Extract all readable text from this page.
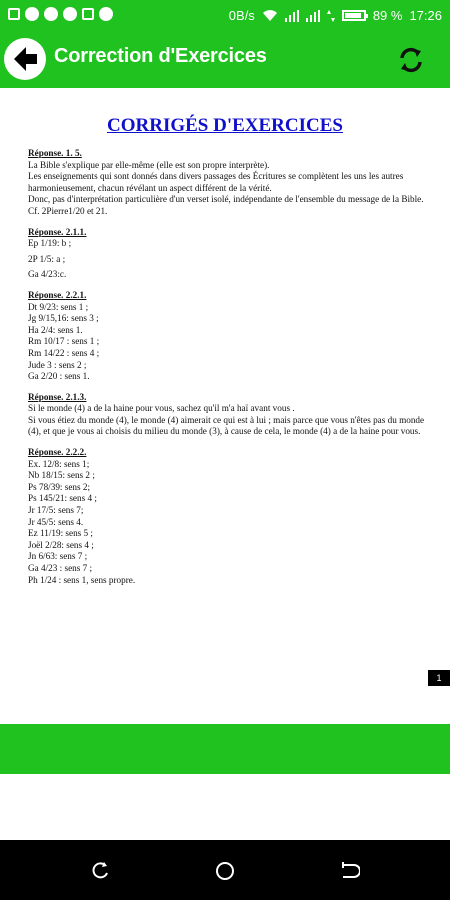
0B/s	89 % 17:26
Correction d'Exercices
CORRIGÉS D'EXERCICES

Réponse. 1. 5.

La Bible s'explique par elle-même (elle est son propre interprète).

Les enseignements qui sont donnés dans divers passages des Écritures se complètent les uns les autres harmonieusement, chacun révélant un aspect différent de la vérité.

Donc, pas d'interprétation particulière d'un verset isolé, indépendante de l'ensemble du message de la Bible. Cf. 2Pierre1/20 et 21.

Réponse. 2.1.1.

Ep 1/19: b ;

2P 1/5: a ;

Ga 4/23:c.

Réponse. 2.2.1.

Dt 9/23: sens 1 ;

Jg 9/15,16: sens 3 ;

Ha 2/4: sens 1.

Rm 10/17 : sens 1 ;

Rm 14/22 : sens 4 ;

Jude 3 : sens 2 ;

Ga 2/20 : sens 1.

Réponse. 2.1.3.

Si le monde (4) a de la haine pour vous, sachez qu'il m'a haï avant vous .

Si vous étiez du monde (4), le monde (4) aimerait ce qui est à lui ; mais parce que vous n'êtes pas du monde (4), et que je vous ai choisis du milieu du monde (3), à cause de cela, le monde (4) a de la haine pour vous.

Réponse. 2.2.2.

Ex. 12/8: sens 1;

Nb 18/15: sens 2 ;

Ps 78/39: sens 2;

Ps 145/21: sens 4 ;

Jr 17/5: sens 7;

Jr 45/5: sens 4.

Ez 11/19: sens 5 ;

Joël 2/28: sens 4 ;

Jn 6/63: sens 7 ;

Ga 4/23 : sens 7 ;

Ph 1/24 : sens 1, sens propre.

1
